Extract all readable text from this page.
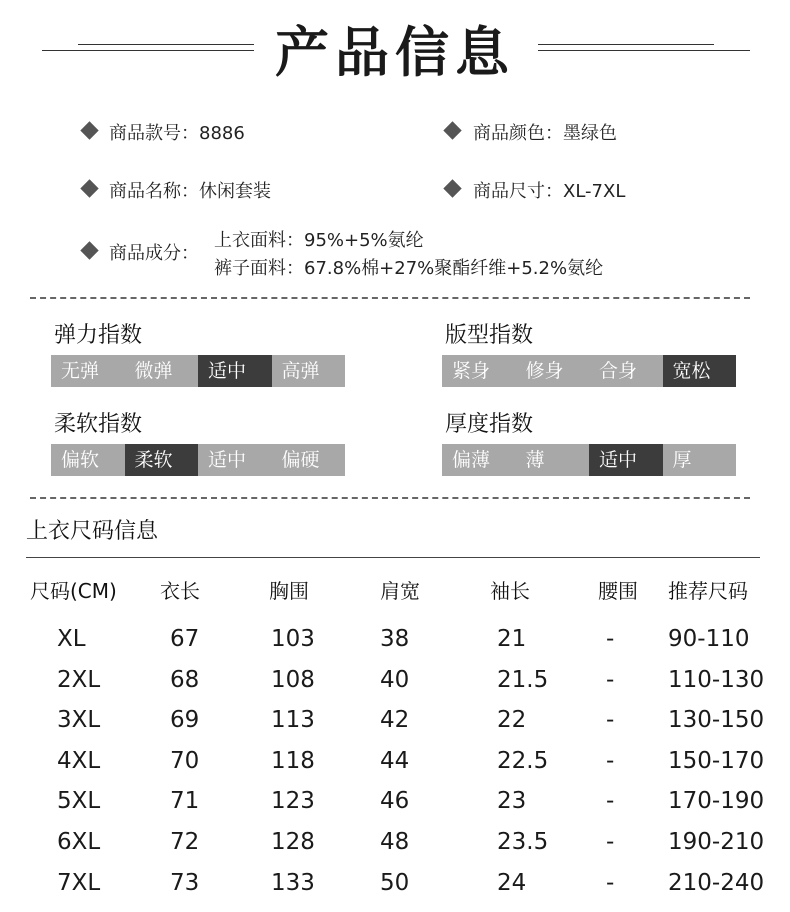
产品信息
商品款号：8886	商品颜色：墨绿色
商品名称：休闲套装	商品尺寸：XL-7XL
商品成分：
上衣面料：95%+5%氨纶
裤子面料：67.8%棉+27%聚酯纤维+5.2%氨纶
弹力指数
无弹	微弹	适中	高弹
版型指数
紧身	修身	合身	宽松
柔软指数
偏软	柔软	适中	偏硬
厚度指数
偏薄	薄	适中	厚
上衣尺码信息
尺码(CM) 衣长	胸围	肩宽	袖长	腰围 推荐尺码
XL	67	103	38	21	- 90-110
2XL	68	108	40	21.5	- 110-130
3XL	69	113	42	22	- 130-150
4XL	70	118	44	22.5	- 150-170
5XL	71	123	46	23	- 170-190
6XL	72	128	48	23.5	- 190-210
7XL	73	133	50	24	- 210-240
